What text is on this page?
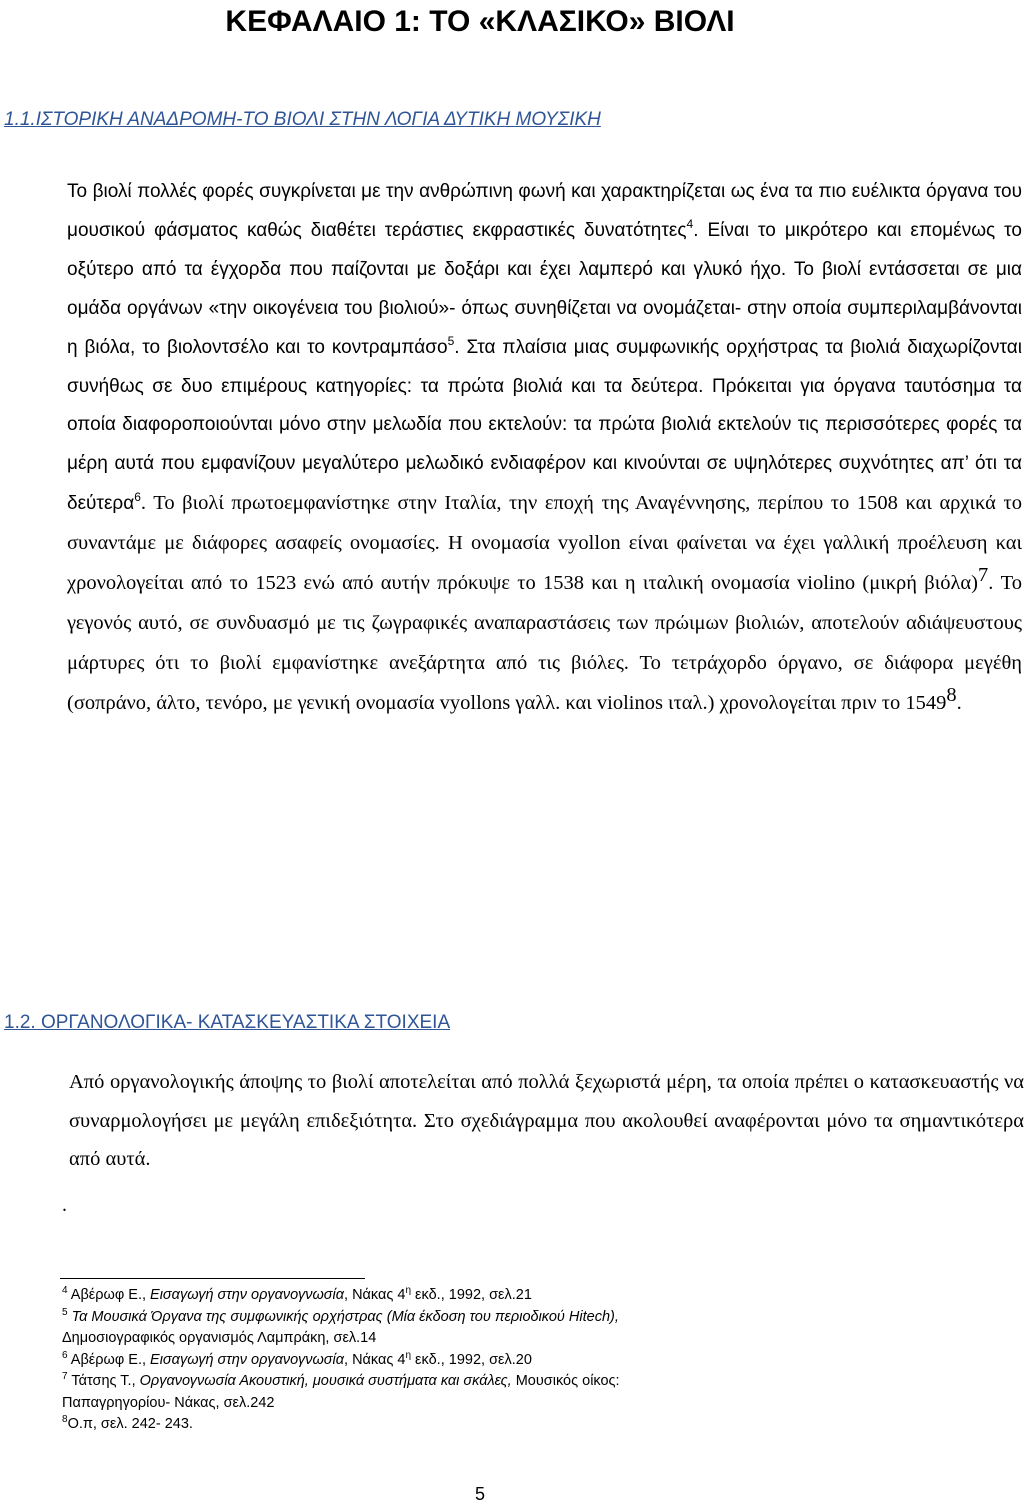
ΚΕΦΑΛΑΙΟ 1: ΤΟ «ΚΛΑΣΙΚΟ» ΒΙΟΛΙ
1.1.ΙΣΤΟΡΙΚΗ ΑΝΑΔΡΟΜΗ-ΤΟ ΒΙΟΛΙ ΣΤΗΝ ΛΟΓΙΑ ΔΥΤΙΚΗ ΜΟΥΣΙΚΗ

Το βιολί πολλές φορές συγκρίνεται με την ανθρώπινη φωνή και χαρακτηρίζεται ως ένα τα πιο ευέλικτα όργανα του μουσικού φάσματος καθώς διαθέτει τεράστιες εκφραστικές δυνατότητες$^4$. Είναι το μικρότερο και επομένως το οξύτερο από τα έγχορδα που παίζονται με δοξάρι και έχει λαμπερό και γλυκό ήχο. Το βιολί εντάσσεται σε μια ομάδα οργάνων «την οικογένεια του βιολιού»- όπως συνηθίζεται να ονομάζεται- στην οποία συμπεριλαμβάνονται η βιόλα, το βιολοντσέλο και το κοντραμπάσο$^5$. Στα πλαίσια μιας συμφωνικής ορχήστρας τα βιολιά διαχωρίζονται συνήθως σε δυο επιμέρους κατηγορίες: τα πρώτα βιολιά και τα δεύτερα. Πρόκειται για όργανα ταυτόσημα τα οποία διαφοροποιούνται μόνο στην μελωδία που εκτελούν: τα πρώτα βιολιά εκτελούν τις περισσότερες φορές τα μέρη αυτά που εμφανίζουν μεγαλύτερο μελωδικό ενδιαφέρον και κινούνται σε υψηλότερες συχνότητες απ’ ότι τα δεύτερα$^6$. Το βιολί πρωτοεμφανίστηκε στην Ιταλία, την εποχή της Αναγέννησης, περίπου το 1508 και αρχικά το συναντάμε με διάφορες ασαφείς ονομασίες. Η ονομασία vyollon είναι φαίνεται να έχει γαλλική προέλευση και χρονολογείται από το 1523 ενώ από αυτήν πρόκυψε το 1538 και η ιταλική ονομασία violino (μικρή βιόλα)$^7$. Το γεγονός αυτό, σε συνδυασμό με τις ζωγραφικές αναπαραστάσεις των πρώιμων βιολιών, αποτελούν αδιάψευστους μάρτυρες ότι το βιολί εμφανίστηκε ανεξάρτητα από τις βιόλες. Το τετράχορδο όργανο, σε διάφορα μεγέθη (σοπράνο, άλτο, τενόρο, με γενική ονομασία vyollons γαλλ. και violinos ιταλ.) χρονολογείται πριν το 1549$^8$.

1.2. ΟΡΓΑΝΟΛΟΓΙΚΑ- ΚΑΤΑΣΚΕΥΑΣΤΙΚΑ ΣΤΟΙΧΕΙΑ

Από οργανολογικής άποψης το βιολί αποτελείται από πολλά ξεχωριστά μέρη, τα οποία πρέπει ο κατασκευαστής να συναρμολογήσει με μεγάλη επιδεξιότητα. Στο σχεδιάγραμμα που ακολουθεί αναφέρονται μόνο τα σημαντικότερα από αυτά.

.

$^4$ Αβέρωφ Ε., Εισαγωγή στην οργανογνωσία, Νάκας $4^\eta$ εκδ., 1992, σελ.21

$^5$ Τα Μουσικά Όργανα της συμφωνικής ορχήστρας (Μία έκδοση του περιοδικού Hitech),
Δημοσιογραφικός οργανισμός Λαμπράκη, σελ.14

$^6$ Αβέρωφ Ε., Εισαγωγή στην οργανογνωσία, Νάκας $4^\eta$ εκδ., 1992, σελ.20

$^7$ Τάτσης Τ., Οργανογνωσία Ακουστική, μουσικά συστήματα και σκάλες, Μουσικός οίκος:
Παπαγρηγορίου- Νάκας, σελ.242

$^8$Ο.π, σελ. 242- 243.

5
